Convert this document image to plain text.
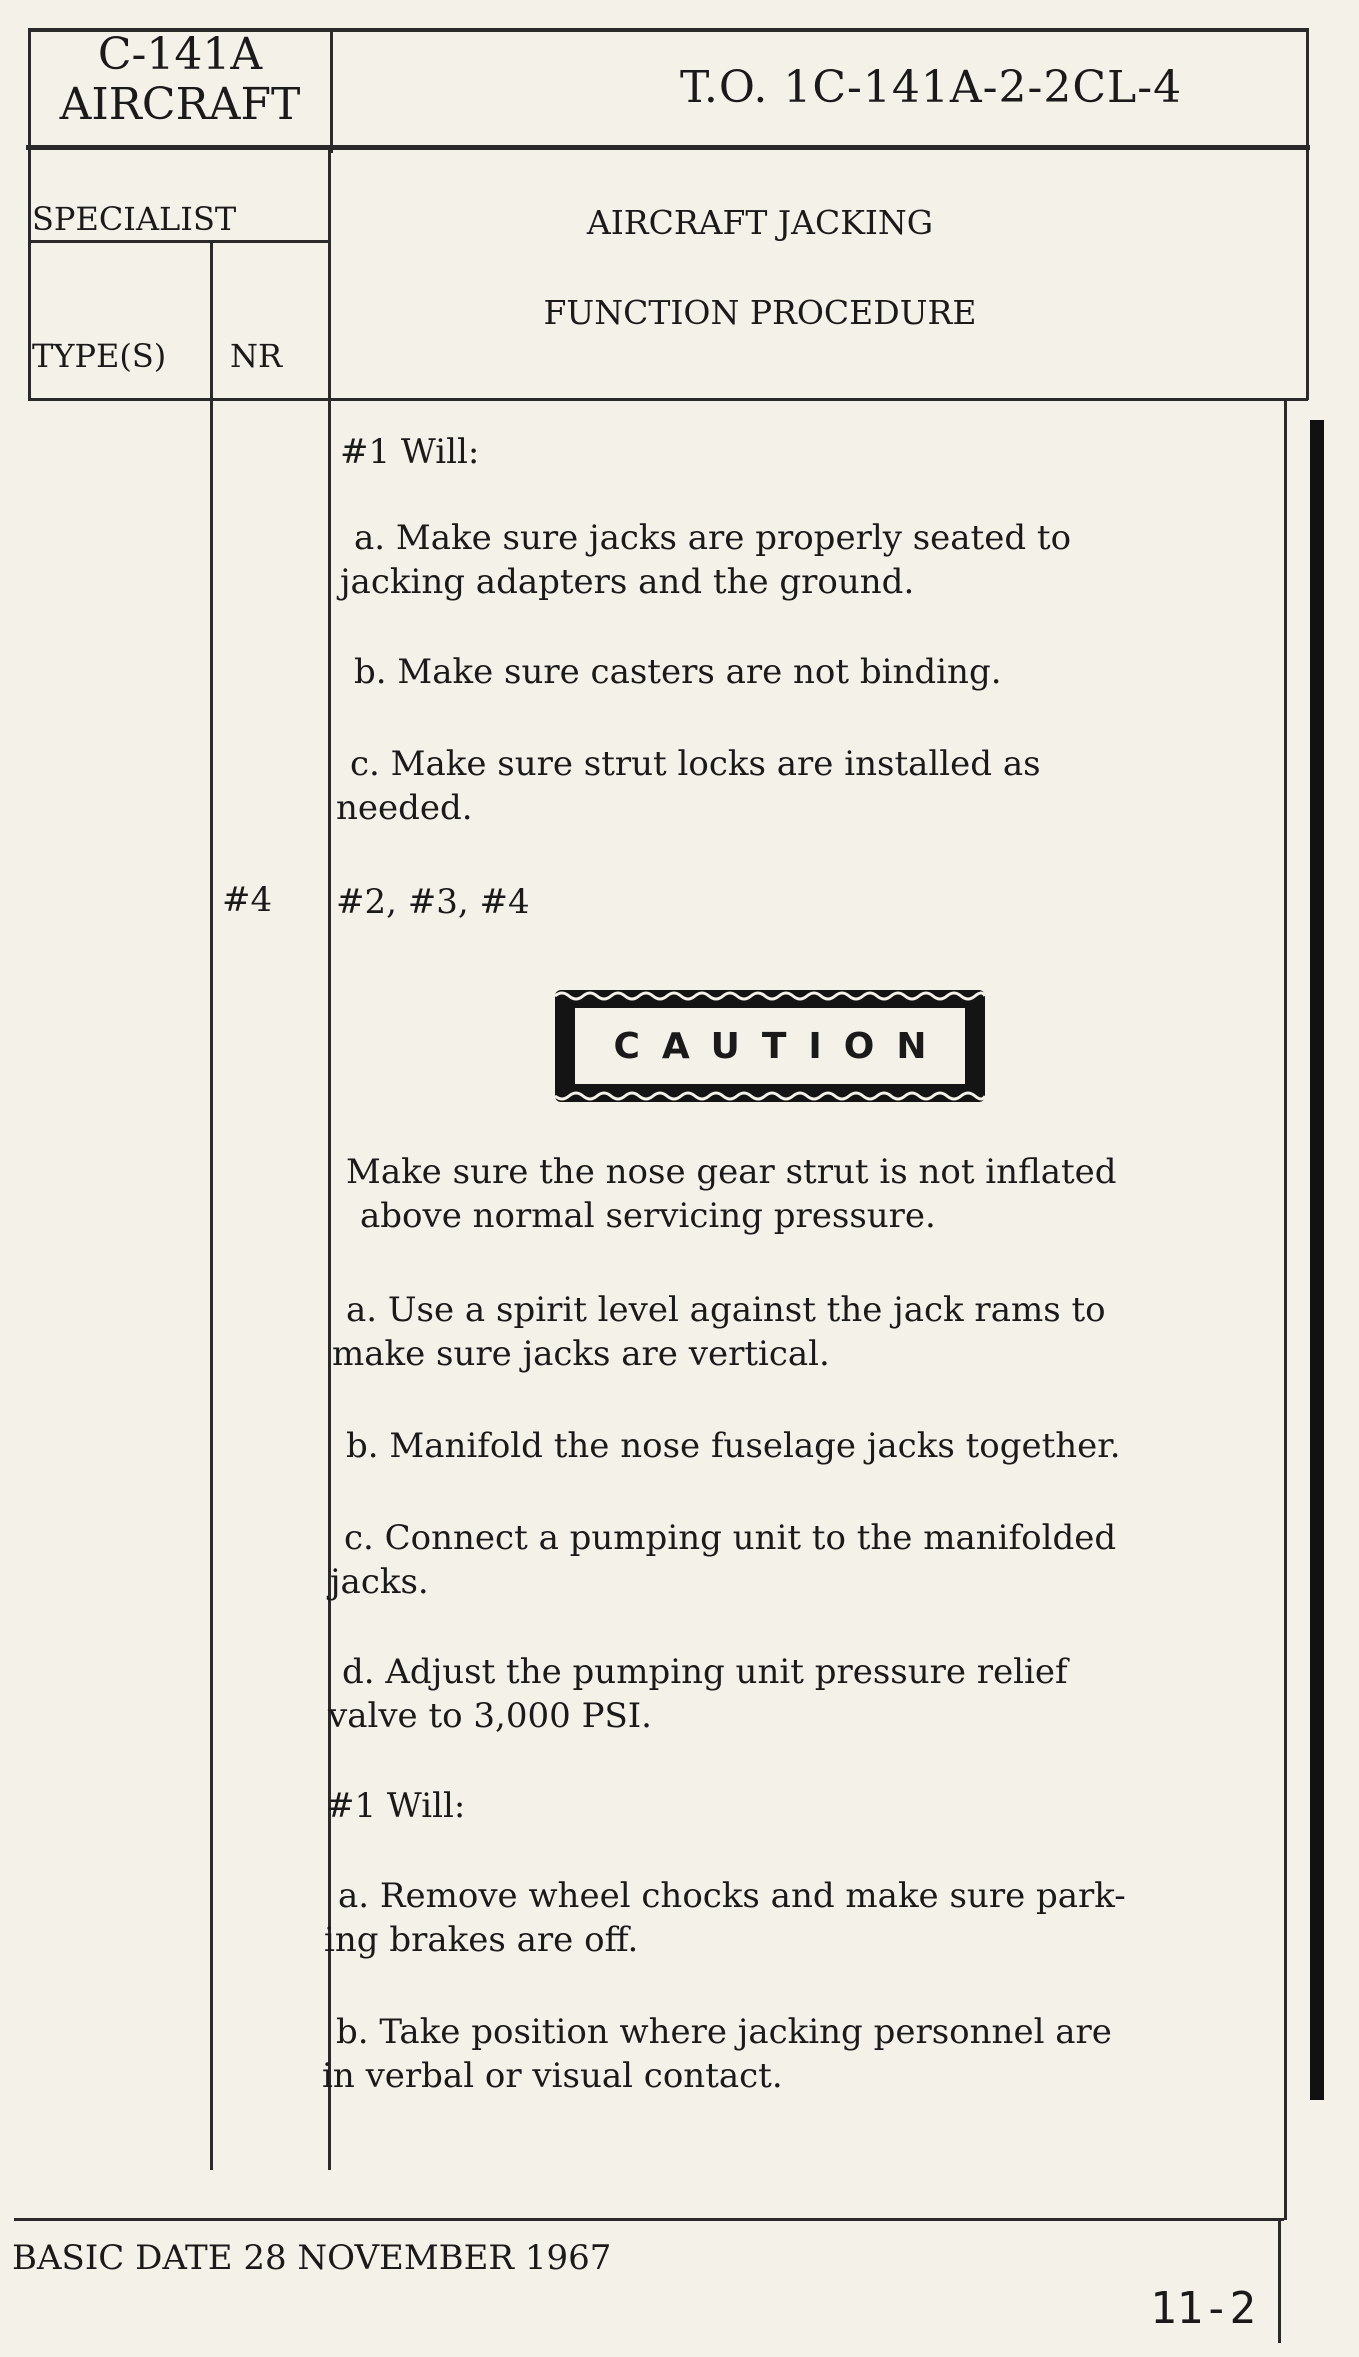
C-141A
AIRCRAFT	T.O. 1C-141A-2-2CL-4
SPECIALIST
TYPE(S) NR
AIRCRAFT JACKING
FUNCTION PROCEDURE
#1 Will:
a. Make sure jacks are properly seated to
jacking adapters and the ground.
b. Make sure casters are not binding.
c. Make sure strut locks are installed as
needed.
#4 #2, #3, #4
CAUTION
Make sure the nose gear strut is not inflated
above normal servicing pressure.
a. Use a spirit level against the jack rams to
make sure jacks are vertical.
b. Manifold the nose fuselage jacks together.
c. Connect a pumping unit to the manifolded
jacks.
d. Adjust the pumping unit pressure relief
valve to 3,000 PSI.
#1 Will:
a. Remove wheel chocks and make sure park-
ing brakes are off.
b. Take position where jacking personnel are
in verbal or visual contact.
BASIC DATE 28 NOVEMBER 1967
11-2
